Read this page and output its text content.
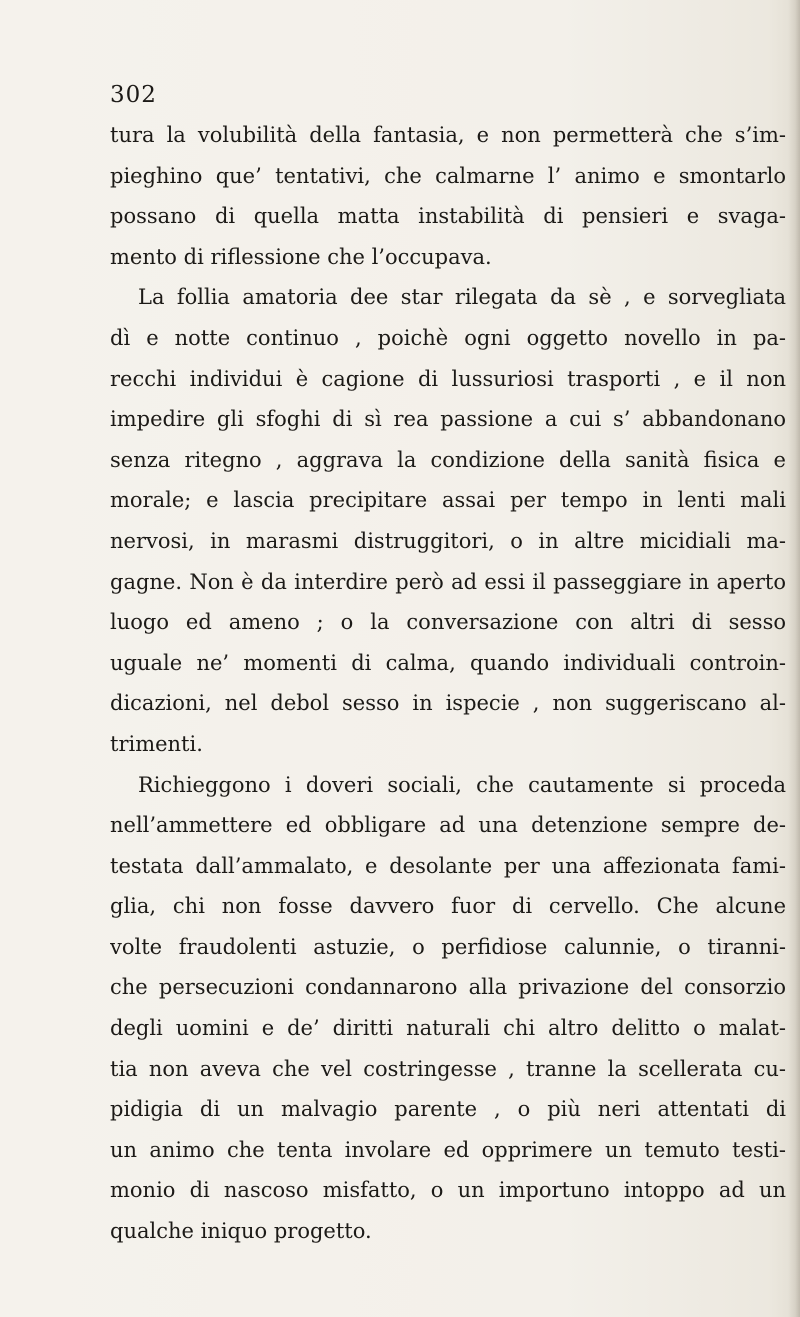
302
tura la volubilità della fantasia, e non permetterà che s’im-
pieghino que’ tentativi, che calmarne l’ animo e smontarlo
possano di quella matta instabilità di pensieri e svaga-
mento di riflessione che l’occupava.
La follia amatoria dee star rilegata da sè , e sorvegliata
dì e notte continuo , poichè ogni oggetto novello in pa-
recchi individui è cagione di lussuriosi trasporti , e il non
impedire gli sfoghi di sì rea passione a cui s’ abbandonano
senza ritegno , aggrava la condizione della sanità fisica e
morale; e lascia precipitare assai per tempo in lenti mali
nervosi, in marasmi distruggitori, o in altre micidiali ma-
gagne. Non è da interdire però ad essi il passeggiare in aperto
luogo ed ameno ; o la conversazione con altri di sesso
uguale ne’ momenti di calma, quando individuali controin-
dicazioni, nel debol sesso in ispecie , non suggeriscano al-
trimenti.
Richieggono i doveri sociali, che cautamente si proceda
nell’ammettere ed obbligare ad una detenzione sempre de-
testata dall’ammalato, e desolante per una affezionata fami-
glia, chi non fosse davvero fuor di cervello. Che alcune
volte fraudolenti astuzie, o perfidiose calunnie, o tiranni-
che persecuzioni condannarono alla privazione del consorzio
degli uomini e de’ diritti naturali chi altro delitto o malat-
tia non aveva che vel costringesse , tranne la scellerata cu-
pidigia di un malvagio parente , o più neri attentati di
un animo che tenta involare ed opprimere un temuto testi-
monio di nascoso misfatto, o un importuno intoppo ad un
qualche iniquo progetto.
